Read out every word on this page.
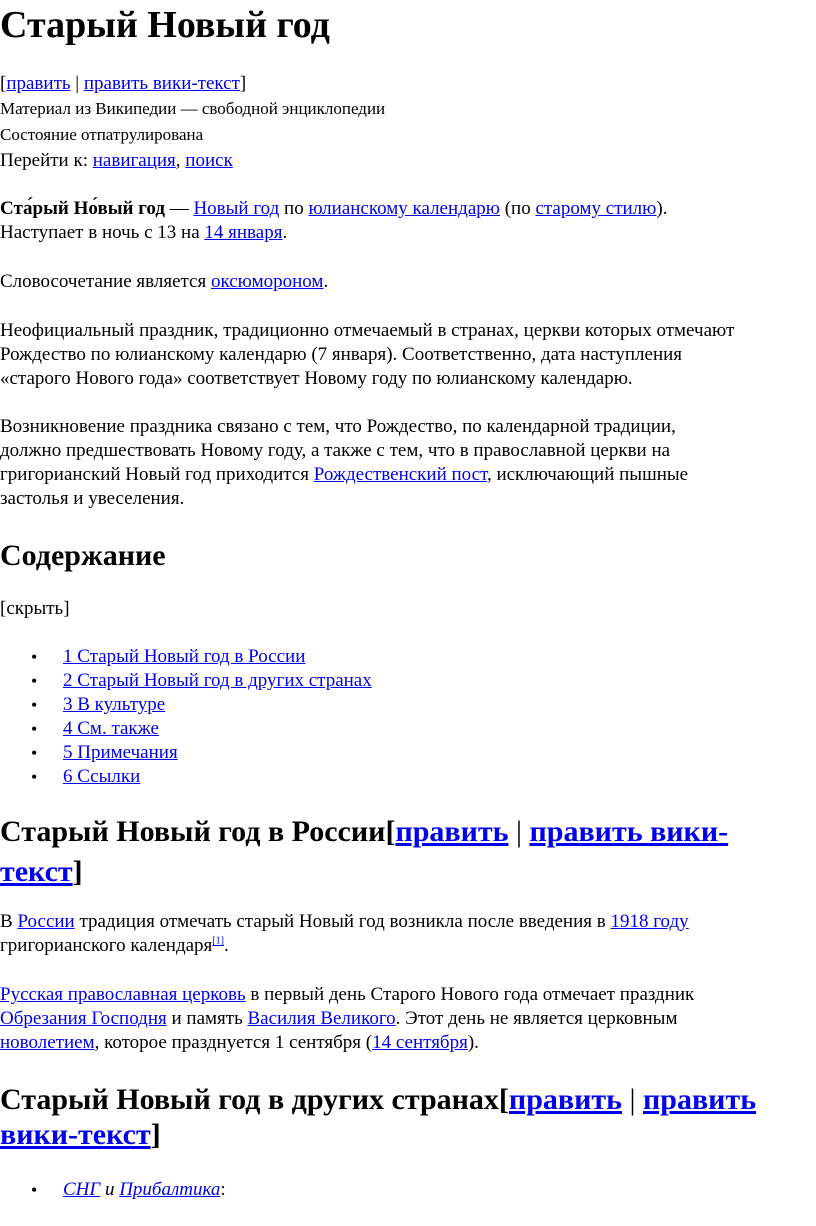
Старый Новый год
[править | править вики-текст]
Материал из Википедии — свободной энциклопедии
Состояние отпатрулирована
Перейти к: навигация, поиск
Ста́рый Но́вый год — Новый год по юлианскому календарю (по старому стилю).
Наступает в ночь с 13 на 14 января.
Словосочетание является оксюмороном.
Неофициальный праздник, традиционно отмечаемый в странах, церкви которых отмечают
Рождество по юлианскому календарю (7 января). Соответственно, дата наступления
«старого Нового года» соответствует Новому году по юлианскому календарю.
Возникновение праздника связано с тем, что Рождество, по календарной традиции,
должно предшествовать Новому году, а также с тем, что в православной церкви на
григорианский Новый год приходится Рождественский пост, исключающий пышные
застолья и увеселения.
Содержание
[скрыть]
• 1 Старый Новый год в России
• 2 Старый Новый год в других странах
• 3 В культуре
• 4 См. также
• 5 Примечания
• 6 Ссылки
Старый Новый год в России[править | править вики-
текст]
В России традиция отмечать старый Новый год возникла после введения в 1918 году
григорианского календаря[1].
Русская православная церковь в первый день Старого Нового года отмечает праздник
Обрезания Господня и память Василия Великого. Этот день не является церковным
новолетием, которое празднуется 1 сентября (14 сентября).
Старый Новый год в других странах[править | править
вики-текст]
• СНГ и Прибалтика:
